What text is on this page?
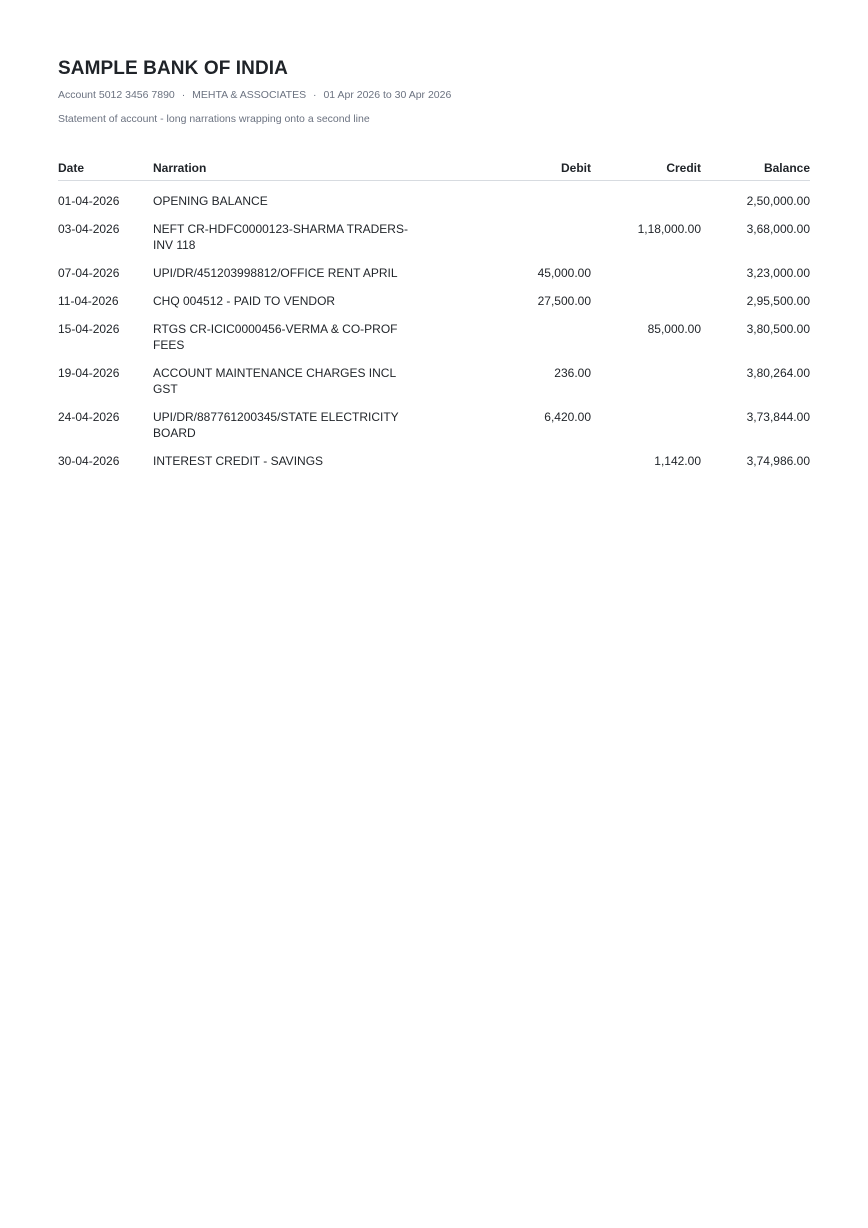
SAMPLE BANK OF INDIA
Account 5012 3456 7890 · MEHTA & ASSOCIATES · 01 Apr 2026 to 30 Apr 2026
Statement of account - long narrations wrapping onto a second line
Date	Narration		Debit	Credit	Balance
01-04-2026	OPENING BALANCE				2,50,000.00
03-04-2026	NEFT CR-HDFC0000123-SHARMA TRADERS-INV 118			1,18,000.00	3,68,000.00
07-04-2026	UPI/DR/451203998812/OFFICE RENT APRIL		45,000.00		3,23,000.00
11-04-2026	CHQ 004512 - PAID TO VENDOR		27,500.00		2,95,500.00
15-04-2026	RTGS CR-ICIC0000456-VERMA & CO-PROF FEES			85,000.00	3,80,500.00
19-04-2026	ACCOUNT MAINTENANCE CHARGES INCL GST		236.00		3,80,264.00
24-04-2026	UPI/DR/887761200345/STATE ELECTRICITY BOARD		6,420.00		3,73,844.00
30-04-2026	INTEREST CREDIT - SAVINGS			1,142.00	3,74,986.00
